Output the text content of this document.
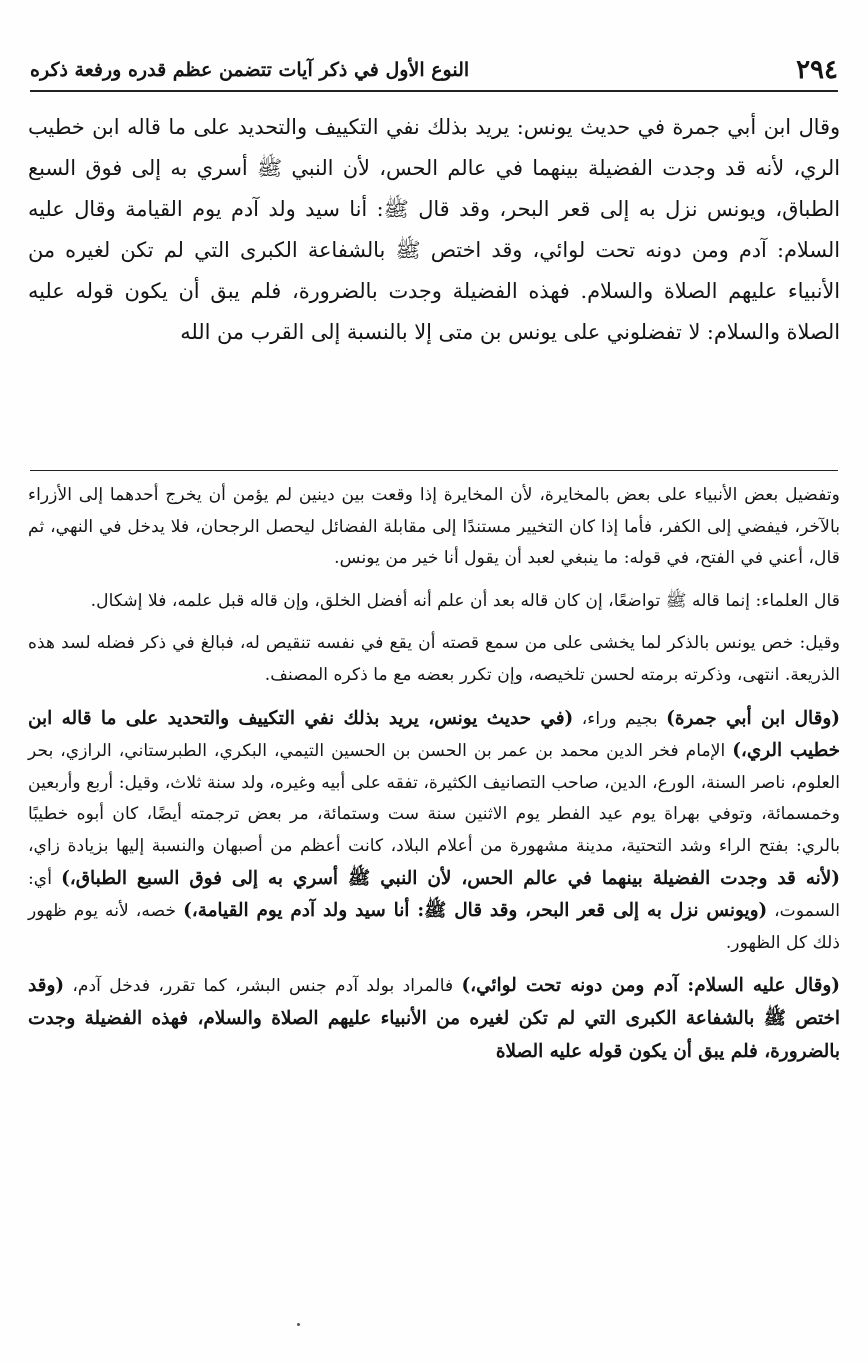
٢٩٤
النوع الأول في ذكر آيات تتضمن عظم قدره ورفعة ذكره
وقال ابن أبي جمرة في حديث يونس: يريد بذلك نفي التكييف والتحديد على ما قاله ابن خطيب الري، لأنه قد وجدت الفضيلة بينهما في عالم الحس، لأن النبي ﷺ أسري به إلى فوق السبع الطباق، ويونس نزل به إلى قعر البحر، وقد قال ﷺ: أنا سيد ولد آدم يوم القيامة وقال عليه السلام: آدم ومن دونه تحت لوائي، وقد اختص ﷺ بالشفاعة الكبرى التي لم تكن لغيره من الأنبياء عليهم الصلاة والسلام. فهذه الفضيلة وجدت بالضرورة، فلم يبق أن يكون قوله عليه الصلاة والسلام: لا تفضلوني على يونس بن متى إلا بالنسبة إلى القرب من الله

وتفضيل بعض الأنبياء على بعض بالمخايرة، لأن المخايرة إذا وقعت بين دينين لم يؤمن أن يخرج أحدهما إلى الأزراء بالآخر، فيفضي إلى الكفر، فأما إذا كان التخيير مستندًا إلى مقابلة الفضائل ليحصل الرجحان، فلا يدخل في النهي، ثم قال، أعني في الفتح، في قوله: ما ينبغي لعبد أن يقول أنا خير من يونس.

قال العلماء: إنما قاله ﷺ تواضعًا، إن كان قاله بعد أن علم أنه أفضل الخلق، وإن قاله قبل علمه، فلا إشكال.

وقيل: خص يونس بالذكر لما يخشى على من سمع قصته أن يقع في نفسه تنقيص له، فبالغ في ذكر فضله لسد هذه الذريعة. انتهى، وذكرته برمته لحسن تلخيصه، وإن تكرر بعضه مع ما ذكره المصنف.

(وقال ابن أبي جمرة) بجيم وراء، (في حديث يونس، يريد بذلك نفي التكييف والتحديد على ما قاله ابن خطيب الري،) الإمام فخر الدين محمد بن عمر بن الحسن بن الحسين التيمي، البكري، الطبرستاني، الرازي، بحر العلوم، ناصر السنة، الورع، الدين، صاحب التصانيف الكثيرة، تفقه على أبيه وغيره، ولد سنة ثلاث، وقيل: أربع وأربعين وخمسمائة، وتوفي بهراة يوم عيد الفطر يوم الاثنين سنة ست وستمائة، مر بعض ترجمته أيضًا، كان أبوه خطيبًا بالري: بفتح الراء وشد التحتية، مدينة مشهورة من أعلام البلاد، كانت أعظم من أصبهان والنسبة إليها بزيادة زاي، (لأنه قد وجدت الفضيلة بينهما في عالم الحس، لأن النبي ﷺ أسري به إلى فوق السبع الطباق،) أي: السموت، (ويونس نزل به إلى قعر البحر، وقد قال ﷺ: أنا سيد ولد آدم يوم القيامة،) خصه، لأنه يوم ظهور ذلك كل الظهور.

(وقال عليه السلام: آدم ومن دونه تحت لوائي،) فالمراد بولد آدم جنس البشر، كما تقرر، فدخل آدم، (وقد اختص ﷺ بالشفاعة الكبرى التي لم تكن لغيره من الأنبياء عليهم الصلاة والسلام، فهذه الفضيلة وجدت بالضرورة، فلم يبق أن يكون قوله عليه الصلاة
